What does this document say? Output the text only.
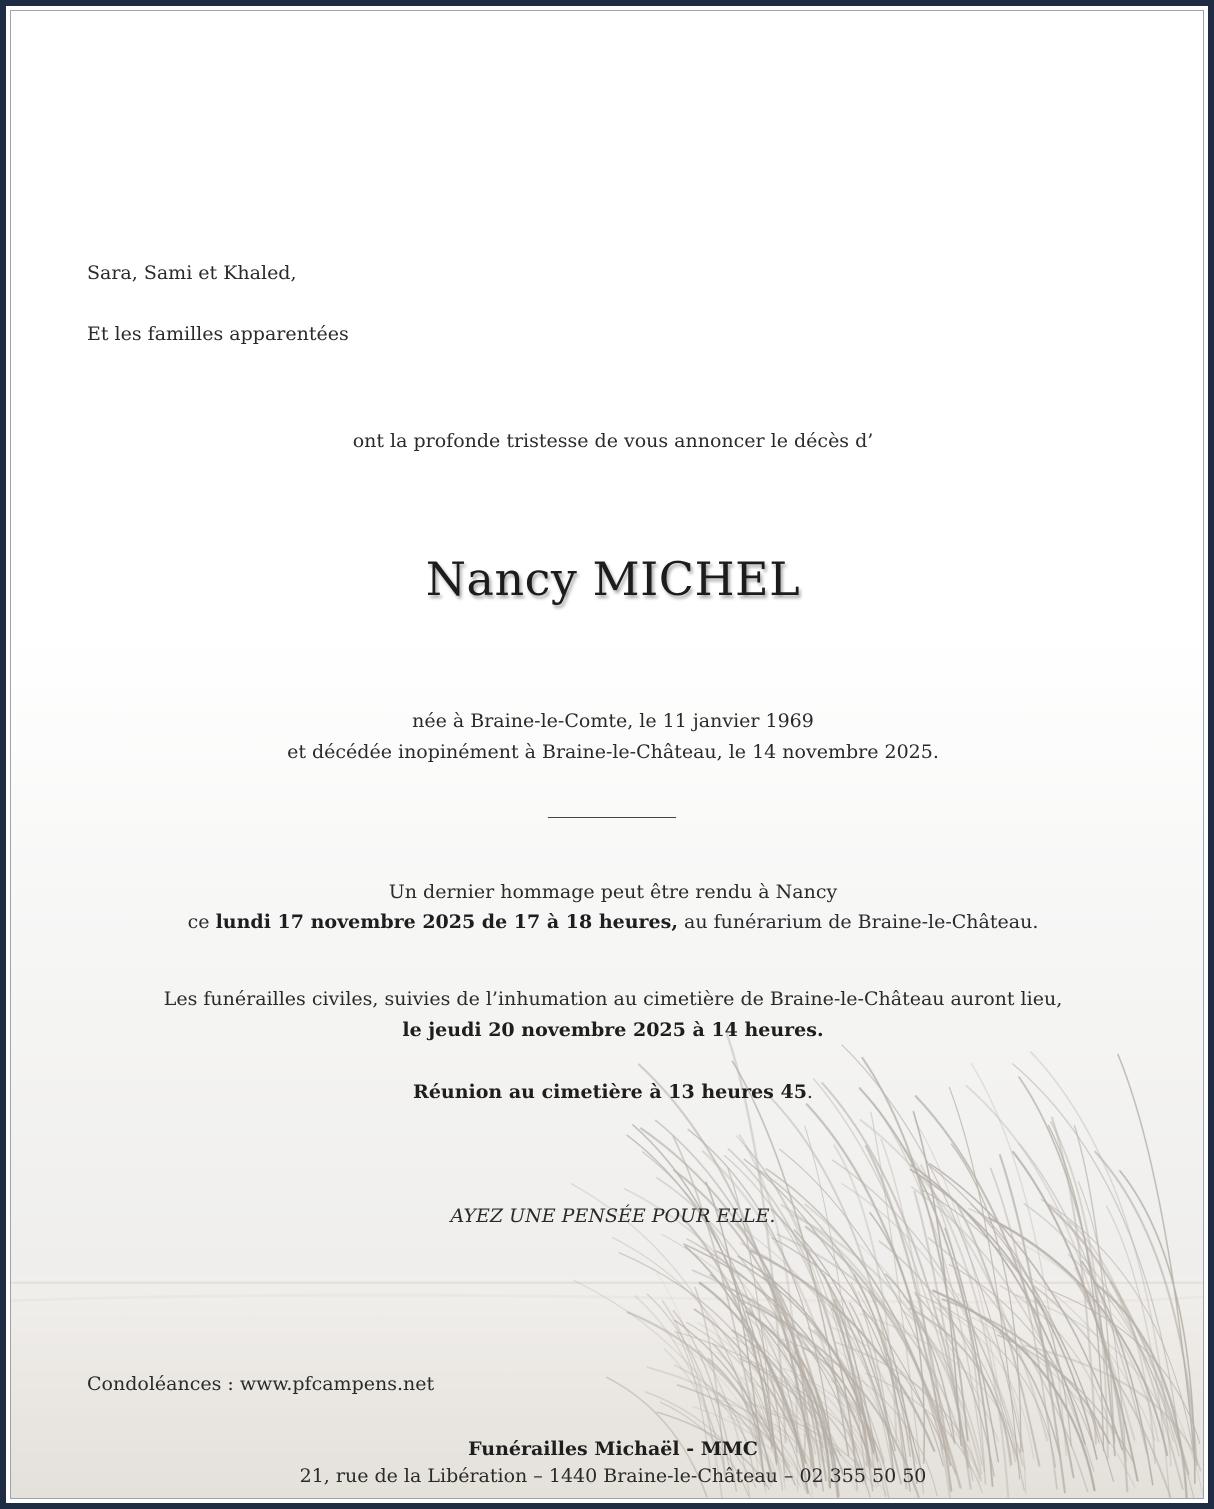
Sara, Sami et Khaled,
Et les familles apparentées
ont la profonde tristesse de vous annoncer le décès d’
Nancy MICHEL
née à Braine-le-Comte, le 11 janvier 1969
et décédée inopinément à Braine-le-Château, le 14 novembre 2025.
Un dernier hommage peut être rendu à Nancy
ce lundi 17 novembre 2025 de 17 à 18 heures, au funérarium de Braine-le-Château.
Les funérailles civiles, suivies de l’inhumation au cimetière de Braine-le-Château auront lieu,
le jeudi 20 novembre 2025 à 14 heures.
Réunion au cimetière à 13 heures 45.
AYEZ UNE PENSÉE POUR ELLE.
Condoléances : www.pfcampens.net
Funérailles Michaël - MMC
21, rue de la Libération – 1440 Braine-le-Château – 02 355 50 50
